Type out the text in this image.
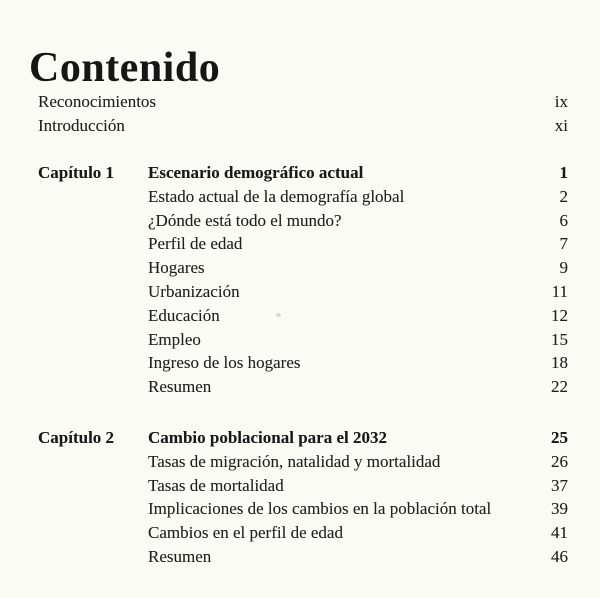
Contenido
Reconocimientos	ix
Introducción	xi
Capítulo 1	Escenario demográfico actual	1
Estado actual de la demografía global	2
¿Dónde está todo el mundo?	6
Perfil de edad	7
Hogares	9
Urbanización	11
Educación	12
Empleo	15
Ingreso de los hogares	18
Resumen	22
Capítulo 2	Cambio poblacional para el 2032	25
Tasas de migración, natalidad y mortalidad	26
Tasas de mortalidad	37
Implicaciones de los cambios en la población total	39
Cambios en el perfil de edad	41
Resumen	46
